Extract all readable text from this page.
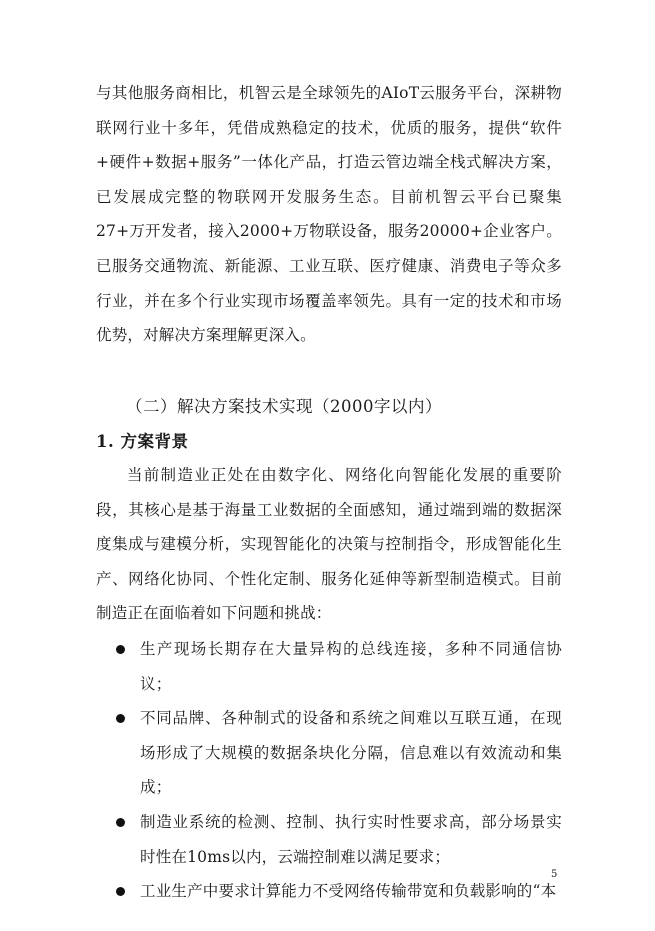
与其他服务商相比，机智云是全球领先的AIoT云服务平台，深耕物联网行业十多年，凭借成熟稳定的技术，优质的服务，提供“软件+硬件+数据+服务”一体化产品，打造云管边端全栈式解决方案，已发展成完整的物联网开发服务生态。目前机智云平台已聚集27+万开发者，接入2000+万物联设备，服务20000+企业客户。已服务交通物流、新能源、工业互联、医疗健康、消费电子等众多行业，并在多个行业实现市场覆盖率领先。具有一定的技术和市场优势，对解决方案理解更深入。

（二）解决方案技术实现（2000字以内）
1. 方案背景

当前制造业正处在由数字化、网络化向智能化发展的重要阶段，其核心是基于海量工业数据的全面感知，通过端到端的数据深度集成与建模分析，实现智能化的决策与控制指令，形成智能化生产、网络化协同、个性化定制、服务化延伸等新型制造模式。目前制造正在面临着如下问题和挑战：

生产现场长期存在大量异构的总线连接，多种不同通信协议；
不同品牌、各种制式的设备和系统之间难以互联互通，在现场形成了大规模的数据条块化分隔，信息难以有效流动和集成；
制造业系统的检测、控制、执行实时性要求高，部分场景实时性在10ms以内，云端控制难以满足要求；
工业生产中要求计算能力不受网络传输带宽和负载影响的“本

5
